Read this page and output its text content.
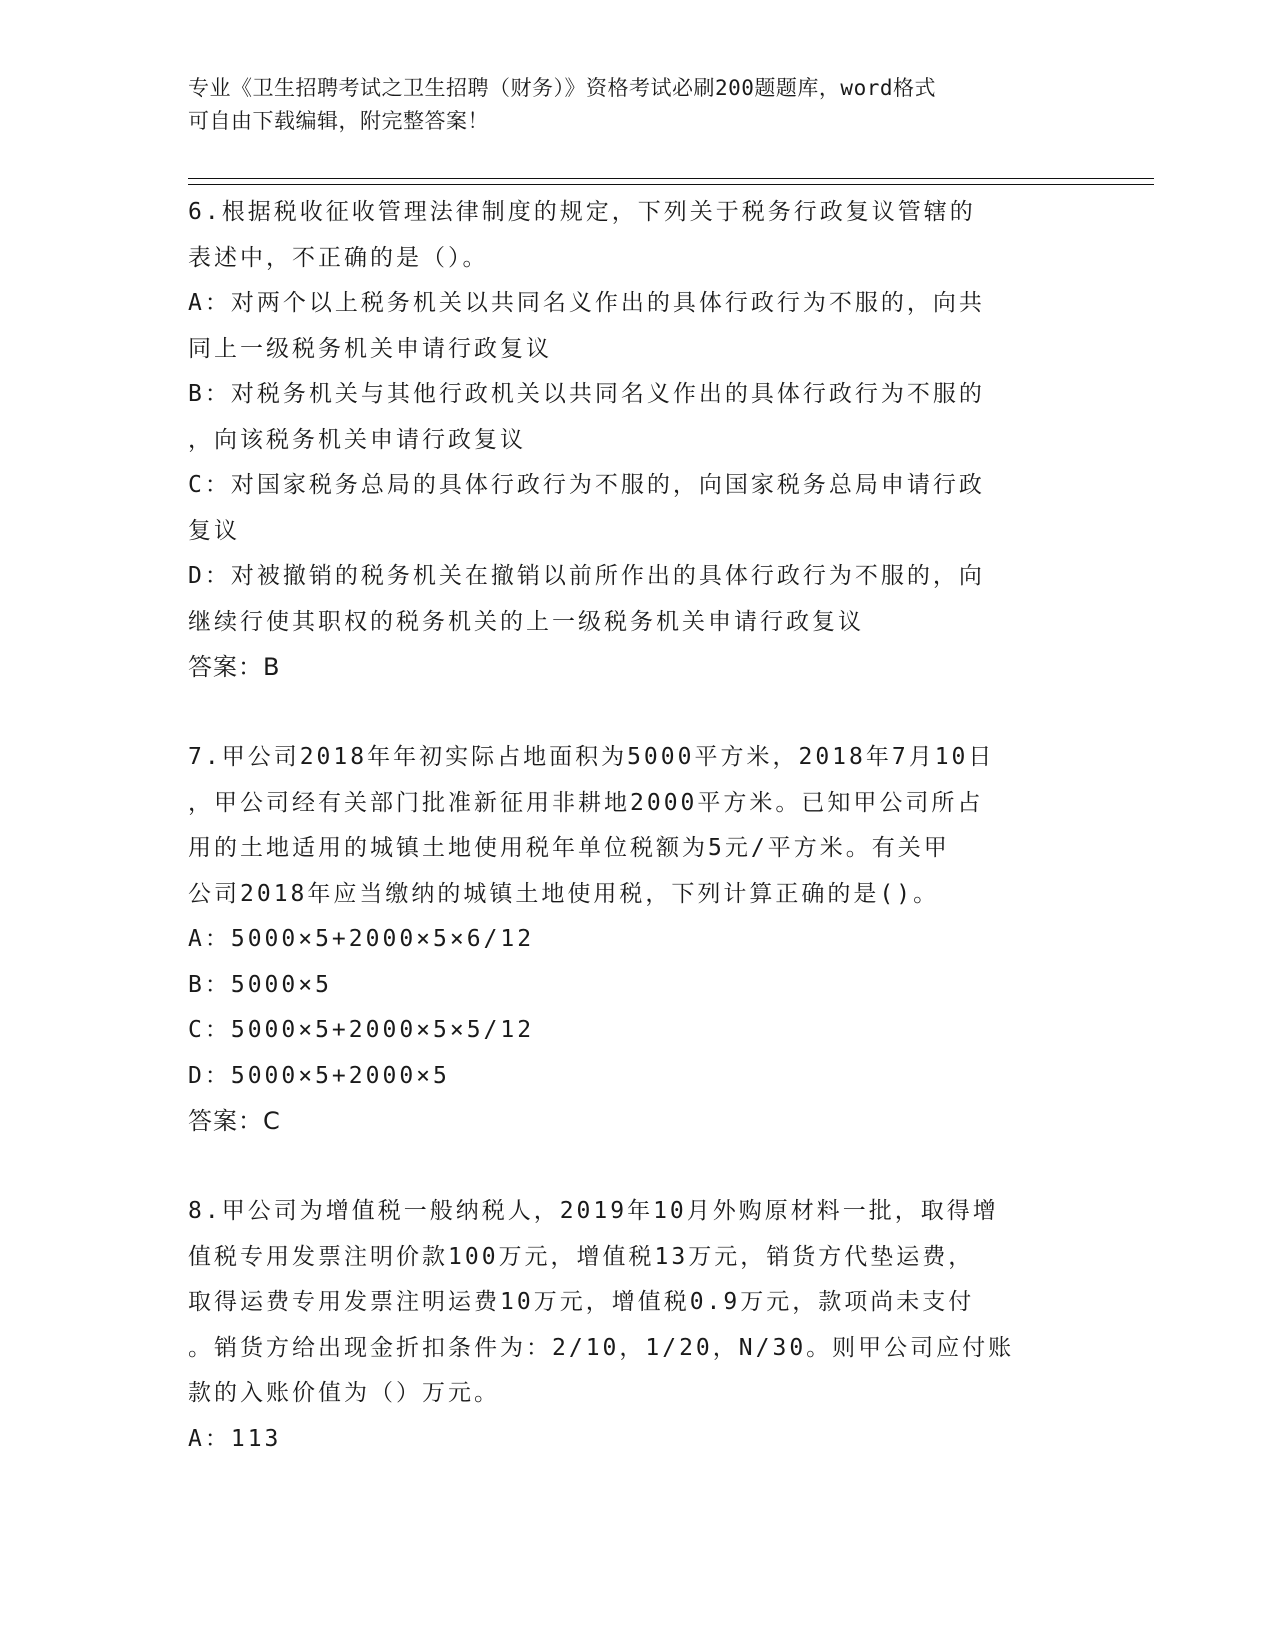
专业《卫生招聘考试之卫生招聘（财务）》资格考试必刷200题题库，word格式
可自由下载编辑，附完整答案！
6.根据税收征收管理法律制度的规定，下列关于税务行政复议管辖的
表述中，不正确的是（）。
A：对两个以上税务机关以共同名义作出的具体行政行为不服的，向共
同上一级税务机关申请行政复议
B：对税务机关与其他行政机关以共同名义作出的具体行政行为不服的
，向该税务机关申请行政复议
C：对国家税务总局的具体行政行为不服的，向国家税务总局申请行政
复议
D：对被撤销的税务机关在撤销以前所作出的具体行政行为不服的，向
继续行使其职权的税务机关的上一级税务机关申请行政复议
答案：B
7.甲公司2018年年初实际占地面积为5000平方米，2018年7月10日
，甲公司经有关部门批准新征用非耕地2000平方米。已知甲公司所占
用的土地适用的城镇土地使用税年单位税额为5元/平方米。有关甲
公司2018年应当缴纳的城镇土地使用税，下列计算正确的是()。
A：5000×5+2000×5×6/12
B：5000×5
C：5000×5+2000×5×5/12
D：5000×5+2000×5
答案：C
8.甲公司为增值税一般纳税人，2019年10月外购原材料一批，取得增
值税专用发票注明价款100万元，增值税13万元，销货方代垫运费，
取得运费专用发票注明运费10万元，增值税0.9万元，款项尚未支付
。销货方给出现金折扣条件为：2/10，1/20，N/30。则甲公司应付账
款的入账价值为（）万元。
A：113
